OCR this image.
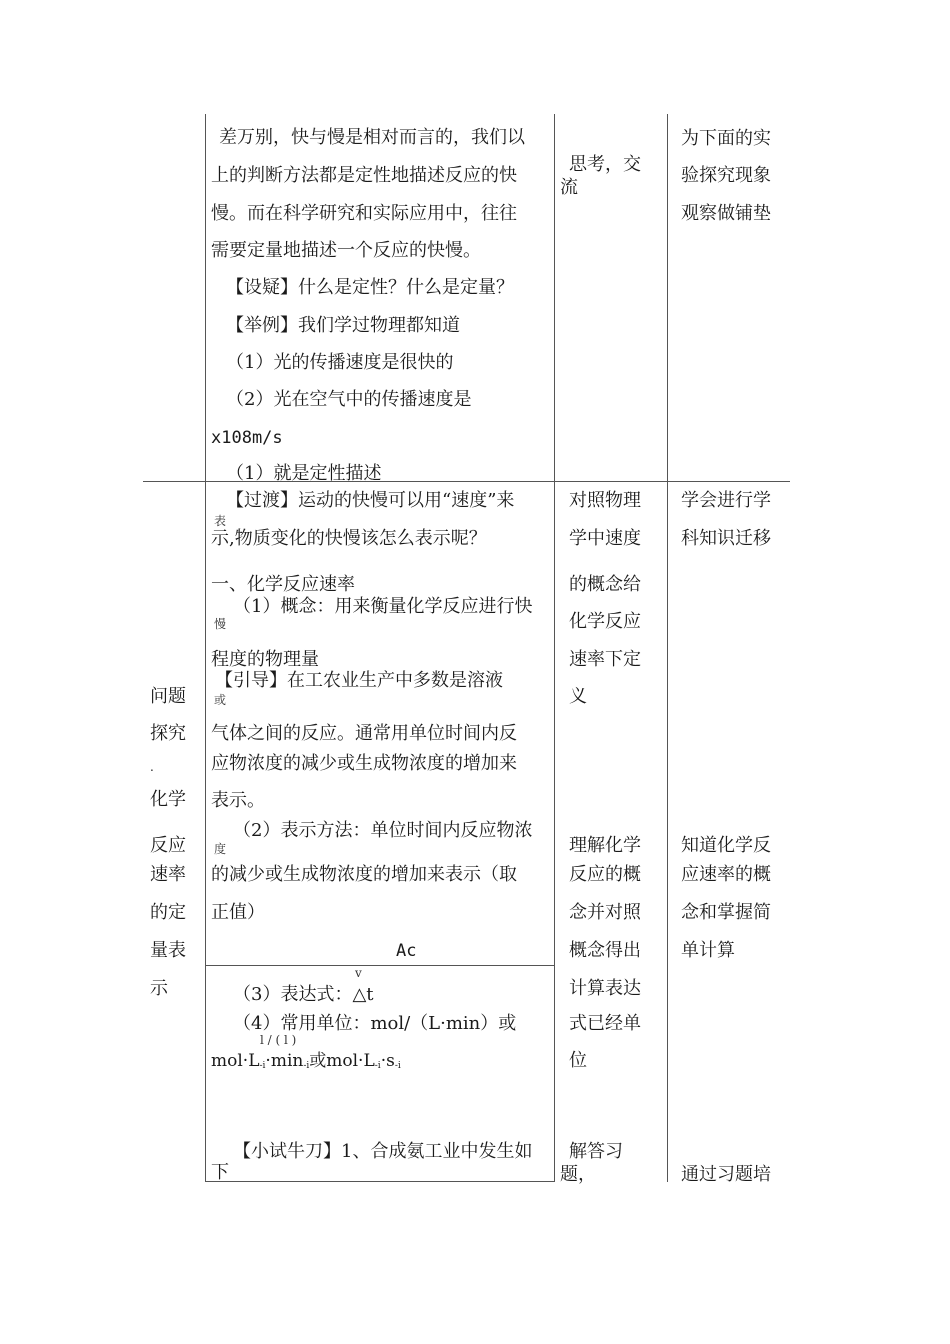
差万别，快与慢是相对而言的，我们以
上的判断方法都是定性地描述反应的快
慢。而在科学研究和实际应用中，往往
需要定量地描述一个反应的快慢。
【设疑】什么是定性？什么是定量？
【举例】我们学过物理都知道
（1）光的传播速度是很快的
（2）光在空气中的传播速度是
x108m/s
（1）就是定性描述
思考，交
流
为下面的实
验探究现象
观察做铺垫
问题
探究
.
化学
反应
速率
的定
量表
示
【过渡】运动的快慢可以用“速度”来
表
示,物质变化的快慢该怎么表示呢？
一、化学反应速率
（1）概念：用来衡量化学反应进行快
慢
程度的物理量
【引导】在工农业生产中多数是溶液
或
气体之间的反应。通常用单位时间内反
应物浓度的减少或生成物浓度的增加来
表示。
（2）表示方法：单位时间内反应物浓
度
的减少或生成物浓度的增加来表示（取
正值）
Ac
v
（3）表达式：△t
（4）常用单位：mol/（L·min）或
l / ( l )
$mol\cdot L_{-i}\cdot\min_{-i}$或$mol\cdot L_{-i}\cdot s_{-i}$
【小试牛刀】1、合成氨工业中发生如
下
对照物理
学中速度
的概念给
化学反应
速率下定
义
理解化学
反应的概
念并对照
概念得出
计算表达
式已经单
位
解答习
题，
学会进行学
科知识迁移
知道化学反
应速率的概
念和掌握简
单计算
通过习题培
